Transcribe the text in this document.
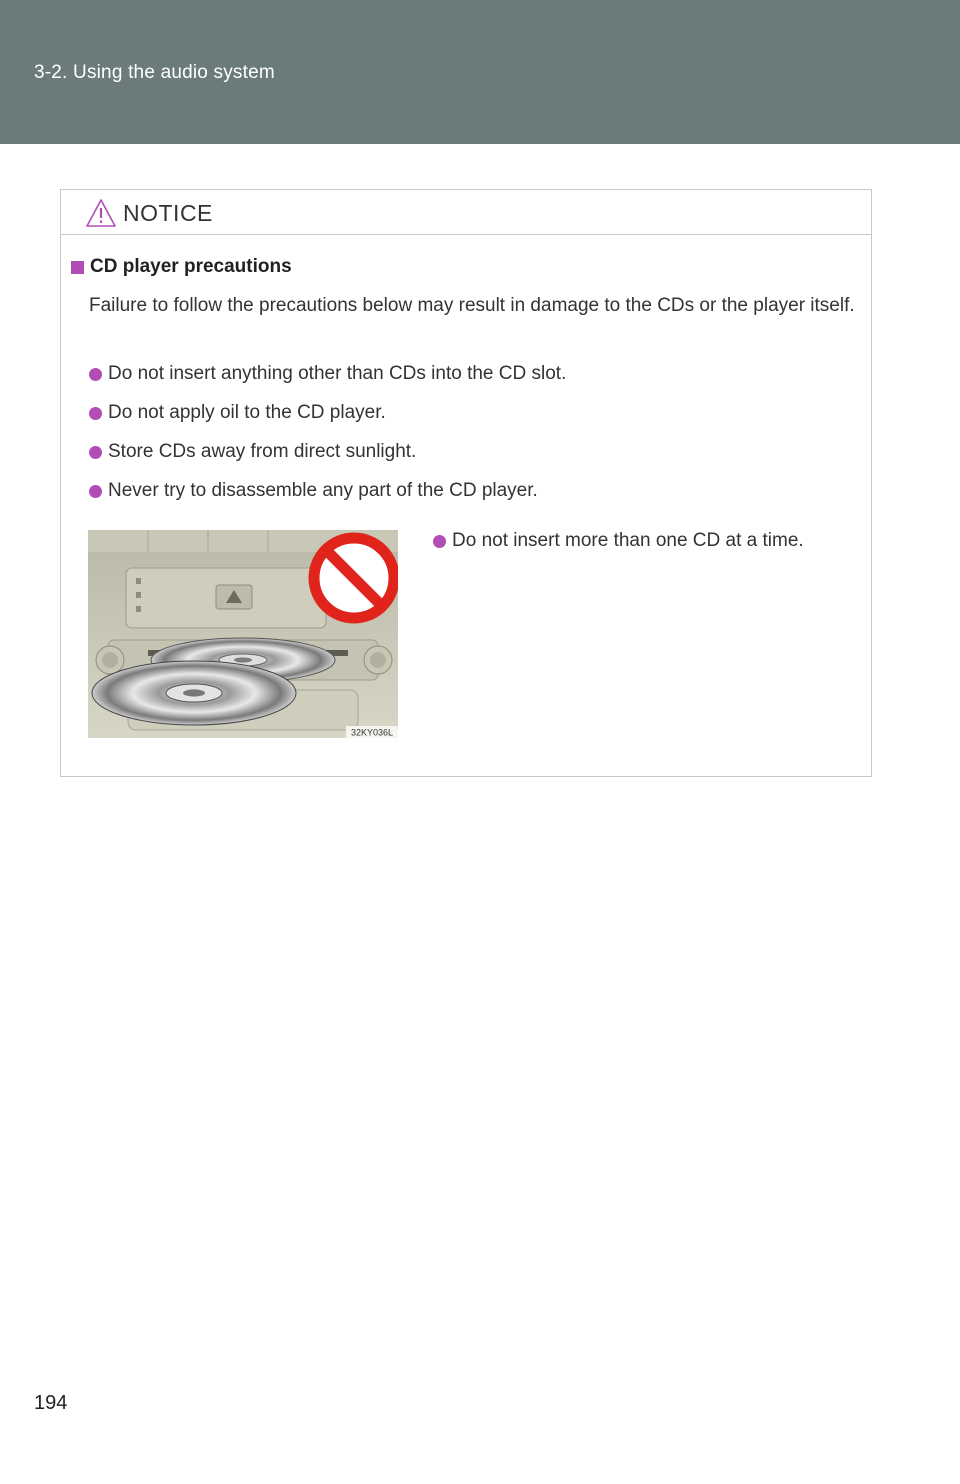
3-2. Using the audio system
NOTICE
CD player precautions
Failure to follow the precautions below may result in damage to the CDs or the player itself.
Do not insert anything other than CDs into the CD slot.
Do not apply oil to the CD player.
Store CDs away from direct sunlight.
Never try to disassemble any part of the CD player.
32KY036L
Do not insert more than one CD at a time.
194
